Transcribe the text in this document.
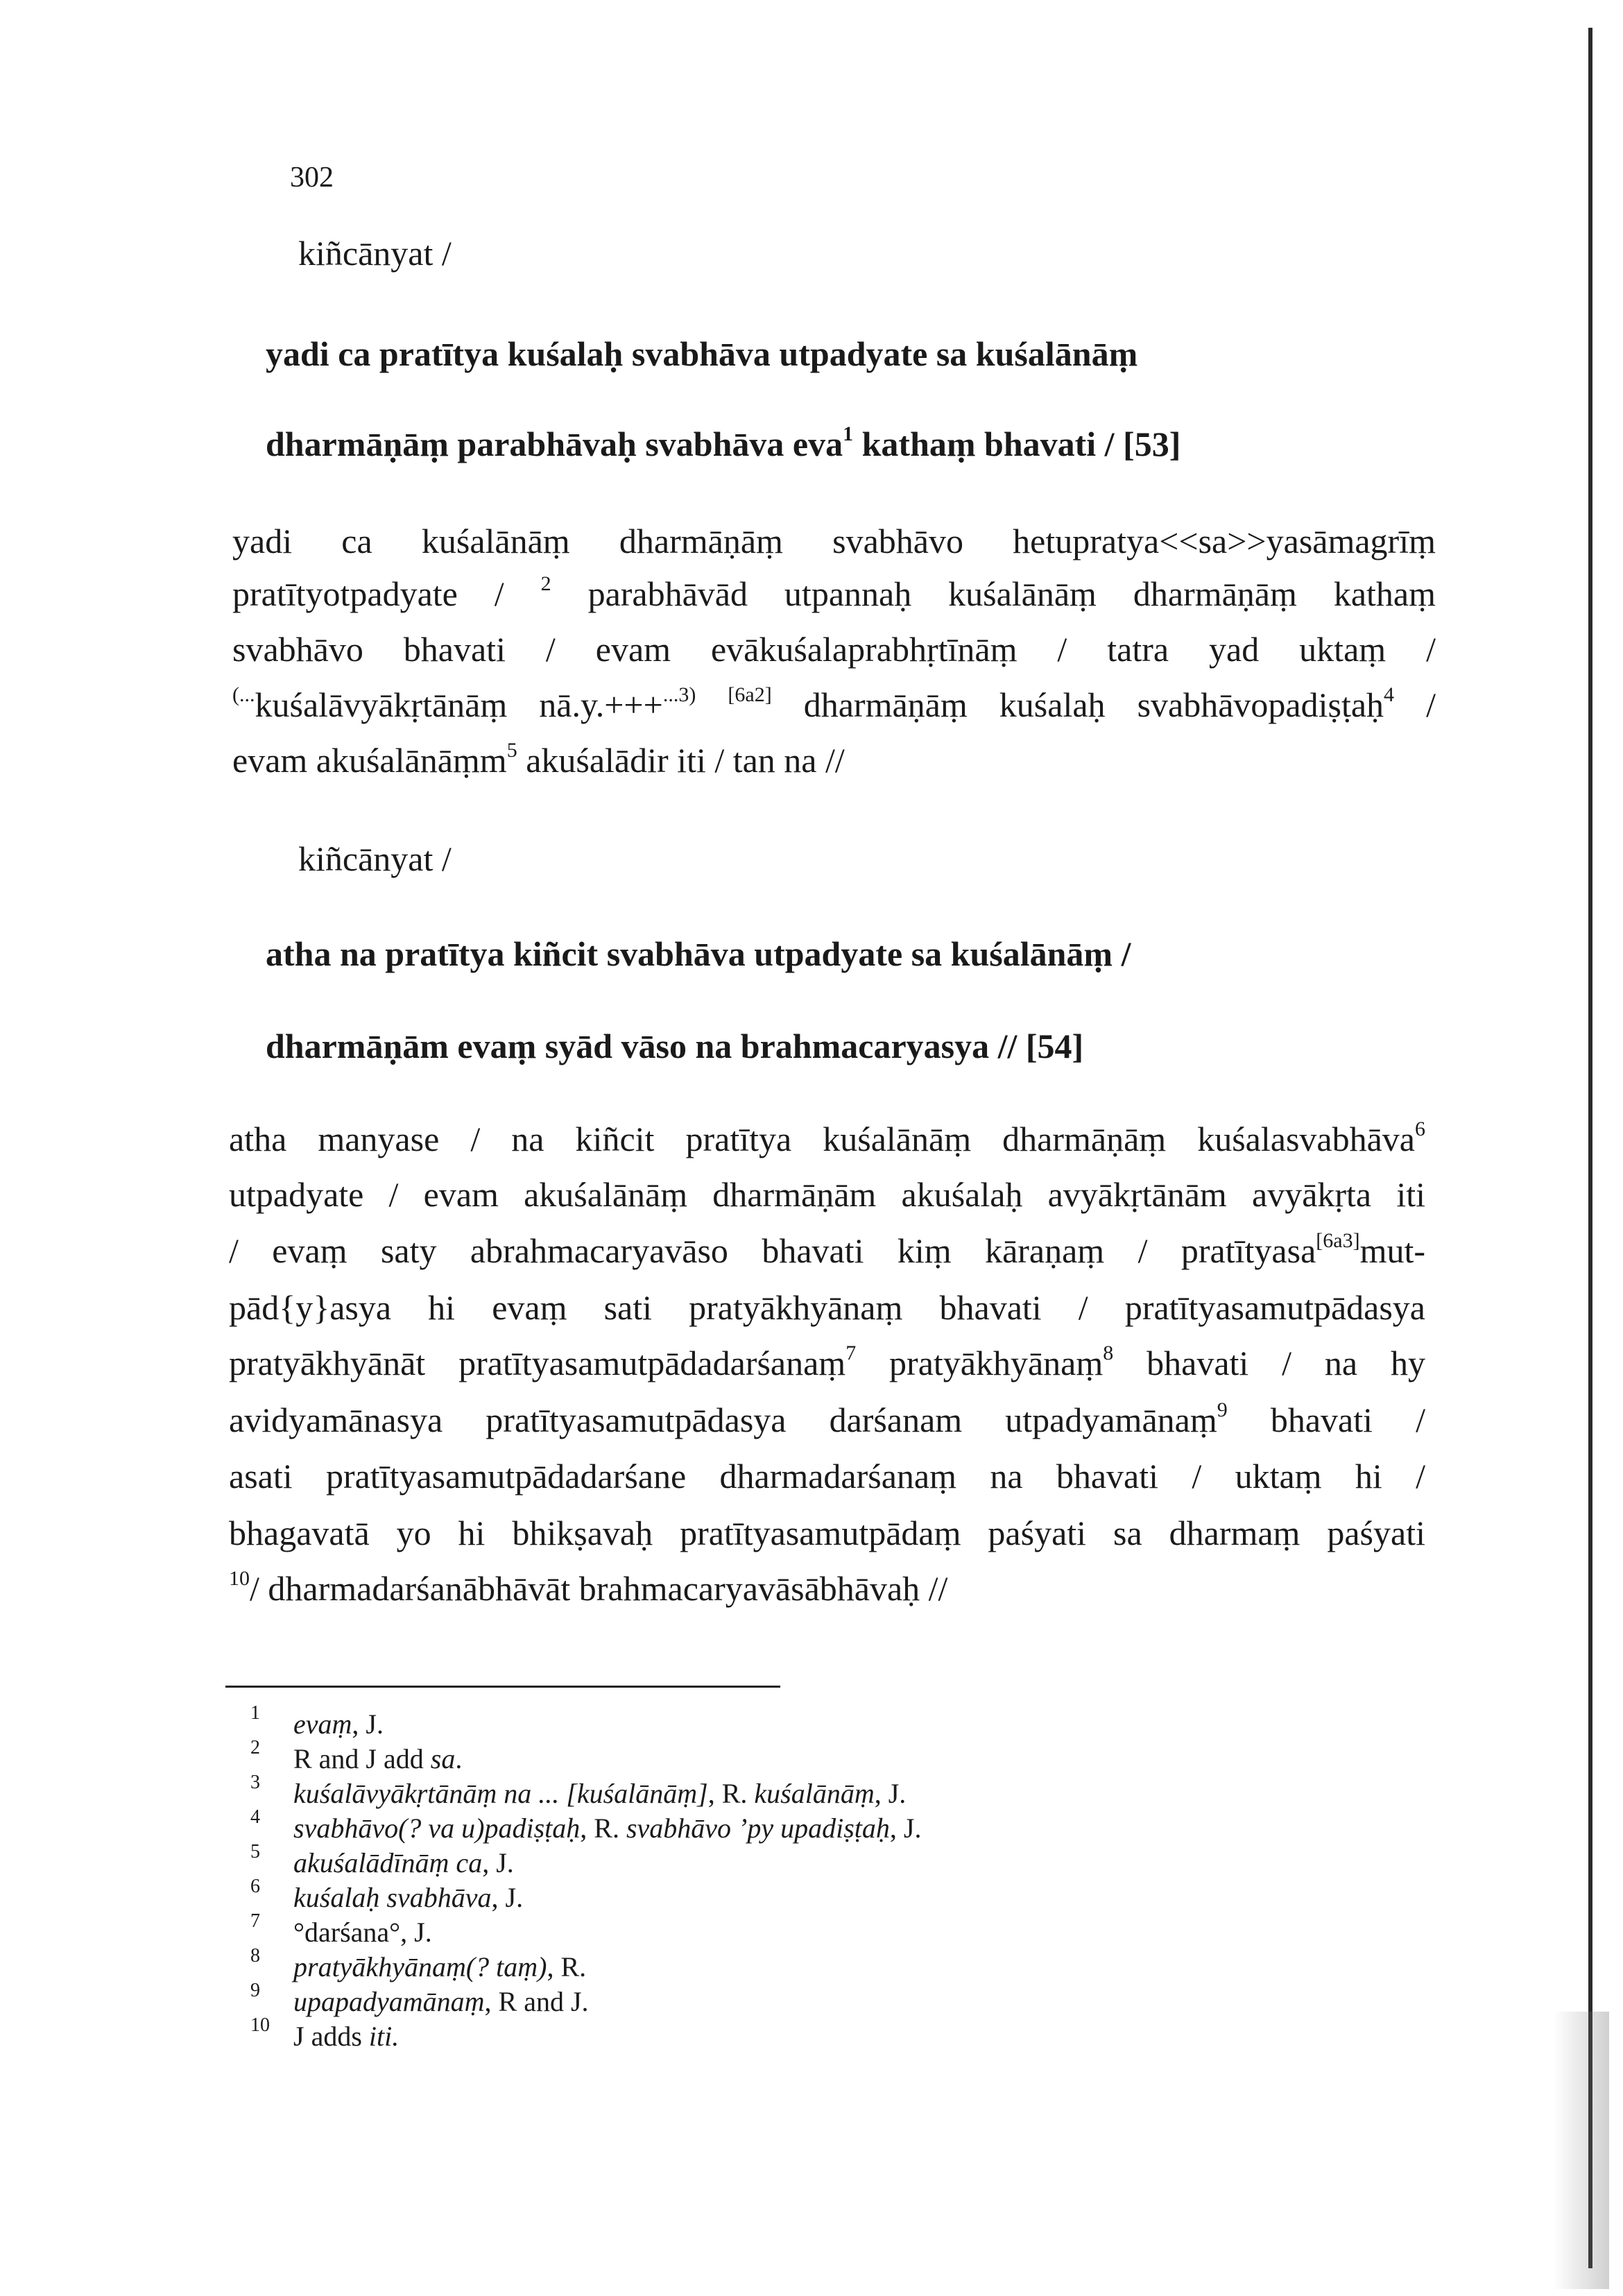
302
kiñcānyat /
yadi ca pratītya kuśalaḥ svabhāva utpadyate sa kuśalānāṃ
dharmāṇāṃ parabhāvaḥ svabhāva eva$^1$ kathaṃ bhavati / [53]
yadi ca kuśalānāṃ dharmāṇāṃ svabhāvo hetupratya<<sa>>yasāmagrīṃ
pratītyotpadyate / $^2$ parabhāvād utpannaḥ kuśalānāṃ dharmāṇāṃ kathaṃ
svabhāvo bhavati / evam evākuśalaprabhṛtīnāṃ / tatra yad uktaṃ /
(...kuśalāvyākṛtānāṃ nā.y.+++$^{...3)}$ [6a2] dharmāṇāṃ kuśalaḥ svabhāvopadiṣṭaḥ$^4$ /
evam akuśalānāṃm$^5$ akuśalādir iti / tan na //
kiñcānyat /
atha na pratītya kiñcit svabhāva utpadyate sa kuśalānāṃ /
dharmāṇām evaṃ syād vāso na brahmacaryasya // [54]
atha manyase / na kiñcit pratītya kuśalānāṃ dharmāṇāṃ kuśalasvabhāva$^6$
utpadyate / evam akuśalānāṃ dharmāṇām akuśalaḥ avyākṛtānām avyākṛta iti
/ evaṃ saty abrahmacaryavāso bhavati kiṃ kāraṇaṃ / pratītyasa[6a3]mut-
pād{y}asya hi evaṃ sati pratyākhyānaṃ bhavati / pratītyasamutpādasya
pratyākhyānāt pratītyasamutpādadarśanaṃ$^7$ pratyākhyānaṃ$^8$ bhavati / na hy
avidyamānasya pratītyasamutpādasya darśanam utpadyamānaṃ$^9$ bhavati /
asati pratītyasamutpādadarśane dharmadarśanaṃ na bhavati / uktaṃ hi /
bhagavatā yo hi bhikṣavaḥ pratītyasamutpādaṃ paśyati sa dharmaṃ paśyati
$^{10}$/ dharmadarśanābhāvāt brahmacaryavāsābhāvaḥ //
1 evaṃ, J.
2 R and J add sa.
3 kuśalāvyākṛtānāṃ na ... [kuśalānāṃ], R. kuśalānāṃ, J.
4 svabhāvo(? va u)padiṣṭaḥ, R. svabhāvo ’py upadiṣṭaḥ, J.
5 akuśalādīnāṃ ca, J.
6 kuśalaḥ svabhāva, J.
7 °darśana°, J.
8 pratyākhyānaṃ(? taṃ), R.
9 upapadyamānaṃ, R and J.
10 J adds iti.
